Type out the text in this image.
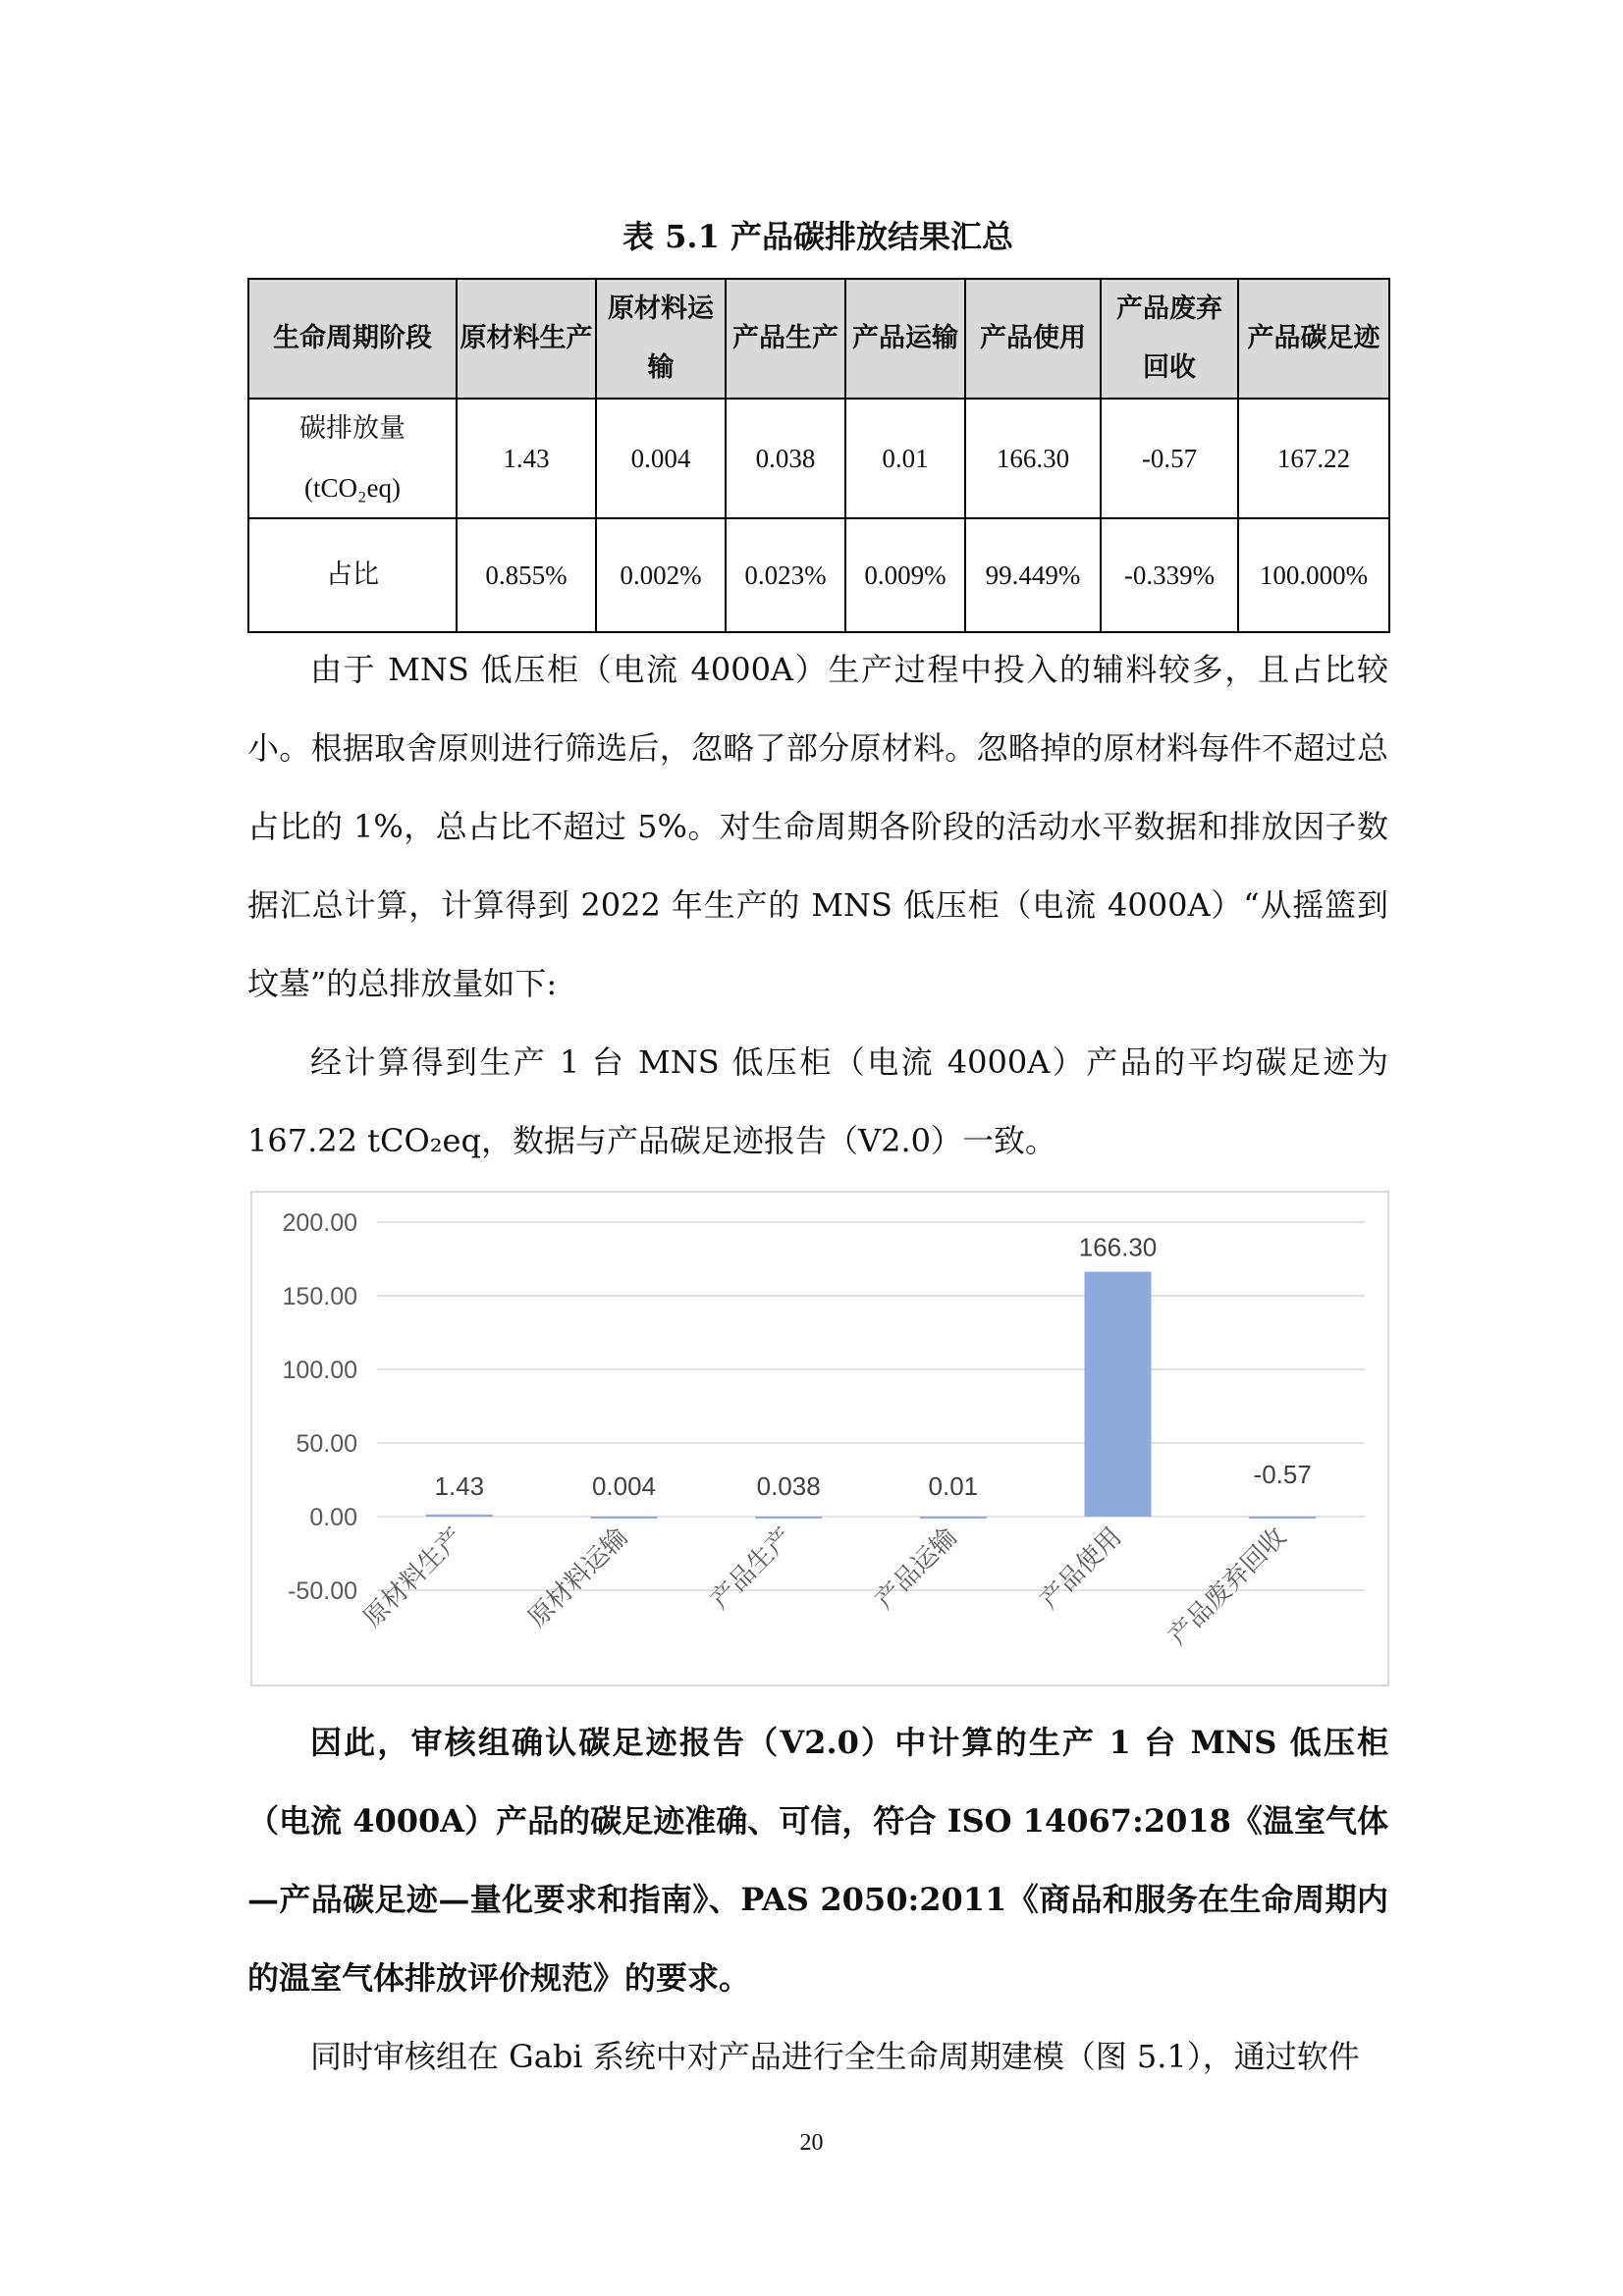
表 5.1 产品碳排放结果汇总
生命周期阶段	原材料生产	原材料运输	产品生产	产品运输	产品使用	产品废弃回收	产品碳足迹

碳排放量
(tCO₂eq)	1.43	0.004	0.038	0.01	166.30	-0.57	167.22
占比	0.855%	0.002%	0.023%	0.009%	99.449%	-0.339%	100.000%
由于 MNS 低压柜（电流 4000A）生产过程中投入的辅料较多，且占比较小。根据取舍原则进行筛选后，忽略了部分原材料。忽略掉的原材料每件不超过总占比的 1%，总占比不超过 5%。对生命周期各阶段的活动水平数据和排放因子数据汇总计算，计算得到 2022 年生产的 MNS 低压柜（电流 4000A）“从摇篮到坟墓”的总排放量如下:
经计算得到生产 1 台 MNS 低压柜（电流 4000A）产品的平均碳足迹为 167.22 tCO₂eq，数据与产品碳足迹报告（V2.0）一致。
200.00
150.00
100.00
50.00
0.00
-50.00
1.43
原材料生产
0.004
原材料运输
0.038
产品生产
0.01
产品运输
166.30
产品使用
-0.57
产品废弃回收
因此，审核组确认碳足迹报告（V2.0）中计算的生产 1 台 MNS 低压柜（电流 4000A）产品的碳足迹准确、可信，符合 ISO 14067:2018《温室气体—产品碳足迹—量化要求和指南》、PAS 2050:2011《商品和服务在生命周期内的温室气体排放评价规范》的要求。
同时审核组在 Gabi 系统中对产品进行全生命周期建模（图 5.1），通过软件
20
